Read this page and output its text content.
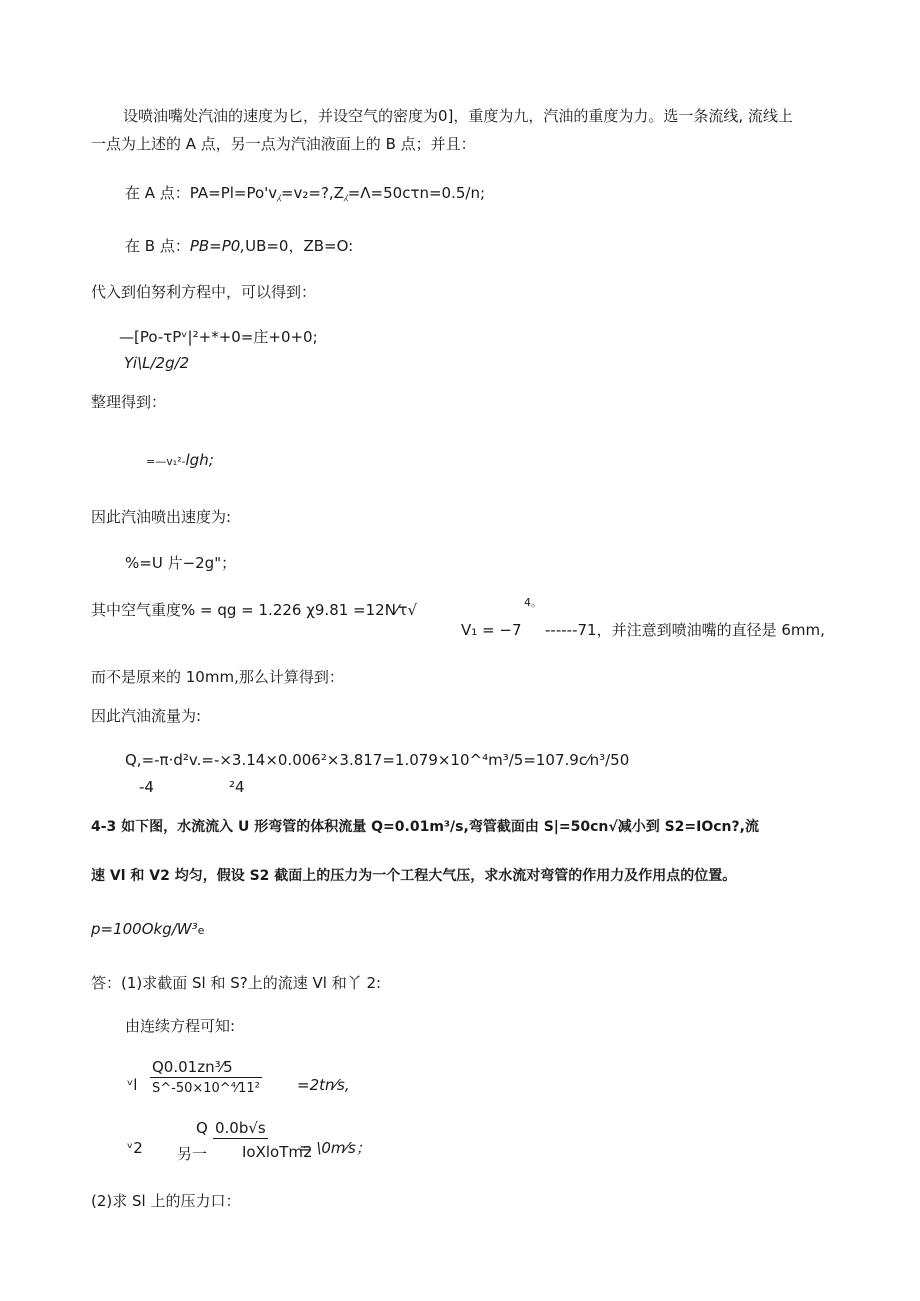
设喷油嘴处汽油的速度为匕，并设空气的密度为0]，重度为九，汽油的重度为力。选一条流线, 流线上
一点为上述的 A 点，另一点为汽油液面上的 B 点；并且：
在 A 点：PA=Pl=Po'v⁁=v₂=?,Z⁁=Λ=50cτn=0.5/n;
在 B 点：PB=P0,UB=0，ZB=O:
代入到伯努利方程中，可以得到：
—[Po-τPᵛ|²+*+0=庄+0+0;
Yi\L/2g/2
整理得到：
=—v₁²-lgh;
因此汽油喷出速度为:
%=U 片−2g"；
其中空气重度% = qg = 1.226 χ9.81 =12N⁄τ√	4。
V₁ = −7 ------71，并注意到喷油嘴的直径是 6mm,
而不是原来的 10mm,那么计算得到：
因此汽油流量为:
Q,=-π·d²v.=-×3.14×0.006²×3.817=1.079×10^⁴m³/5=107.9c⁄n³/50
-4	²4
4-3 如下图，水流流入 U 形弯管的体积流量 Q=0.01m³/s,弯管截面由 S|=50cn√减小到 S2=IOcn?,流
速 Vl 和 V2 均匀，假设 S2 截面上的压力为一个工程大气压，求水流对弯管的作用力及作用点的位置。
p=100Okg/W³e
答：(1)求截面 Sl 和 S?上的流速 Vl 和丫 2:
由连续方程可知:
ᵛl $\frac{\text{Q0.01zn³⁄5}}{\text{S\textasciicircum{}-50×10\textasciicircum{}⁴⁄11²}}$ =2tn⁄s,
ᵛ2
Q 0.0b√s
另一 IoXloTm2
= \0m⁄s；
(2)求 Sl 上的压力口：
